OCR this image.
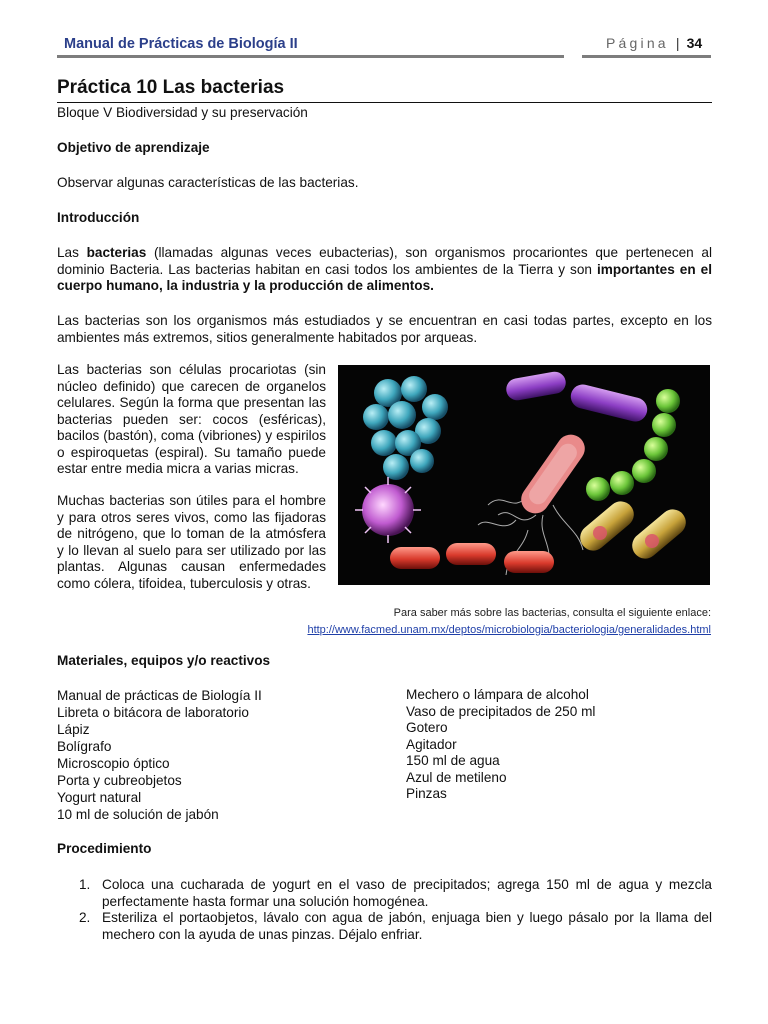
Manual de Prácticas de Biología II	Página | 34
Práctica 10 Las bacterias

Bloque V Biodiversidad y su preservación

Objetivo de aprendizaje

Observar algunas características de las bacterias.

Introducción

Las bacterias (llamadas algunas veces eubacterias), son organismos procariontes que pertenecen al dominio Bacteria. Las bacterias habitan en casi todos los ambientes de la Tierra y son importantes en el cuerpo humano, la industria y la producción de alimentos.

Las bacterias son los organismos más estudiados y se encuentran en casi todas partes, excepto en los ambientes más extremos, sitios generalmente habitados por arqueas.

Las bacterias son células procariotas (sin núcleo definido) que carecen de organelos celulares. Según la forma que presentan las bacterias pueden ser: cocos (esféricas), bacilos (bastón), coma (vibriones) y espirilos o espiroquetas (espiral). Su tamaño puede estar entre media micra a varias micras.

Muchas bacterias son útiles para el hombre y para otros seres vivos, como las fijadoras de nitrógeno, que lo toman de la atmósfera y lo llevan al suelo para ser utilizado por las plantas. Algunas causan enfermedades como cólera, tifoidea, tuberculosis y otras.

Para saber más sobre las bacterias, consulta el siguiente enlace:
http://www.facmed.unam.mx/deptos/microbiologia/bacteriologia/generalidades.html

Materiales, equipos y/o reactivos

Manual de prácticas de Biología II
Libreta o bitácora de laboratorio
Lápiz
Bolígrafo
Microscopio óptico
Porta y cubreobjetos
Yogurt natural
10 ml de solución de jabón
Mechero o lámpara de alcohol
Vaso de precipitados de 250 ml
Gotero
Agitador
150 ml de agua
Azul de metileno
Pinzas

Procedimiento

1. Coloca una cucharada de yogurt en el vaso de precipitados; agrega 150 ml de agua y mezcla perfectamente hasta formar una solución homogénea.
2. Esteriliza el portaobjetos, lávalo con agua de jabón, enjuaga bien y luego pásalo por la llama del mechero con la ayuda de unas pinzas. Déjalo enfriar.
